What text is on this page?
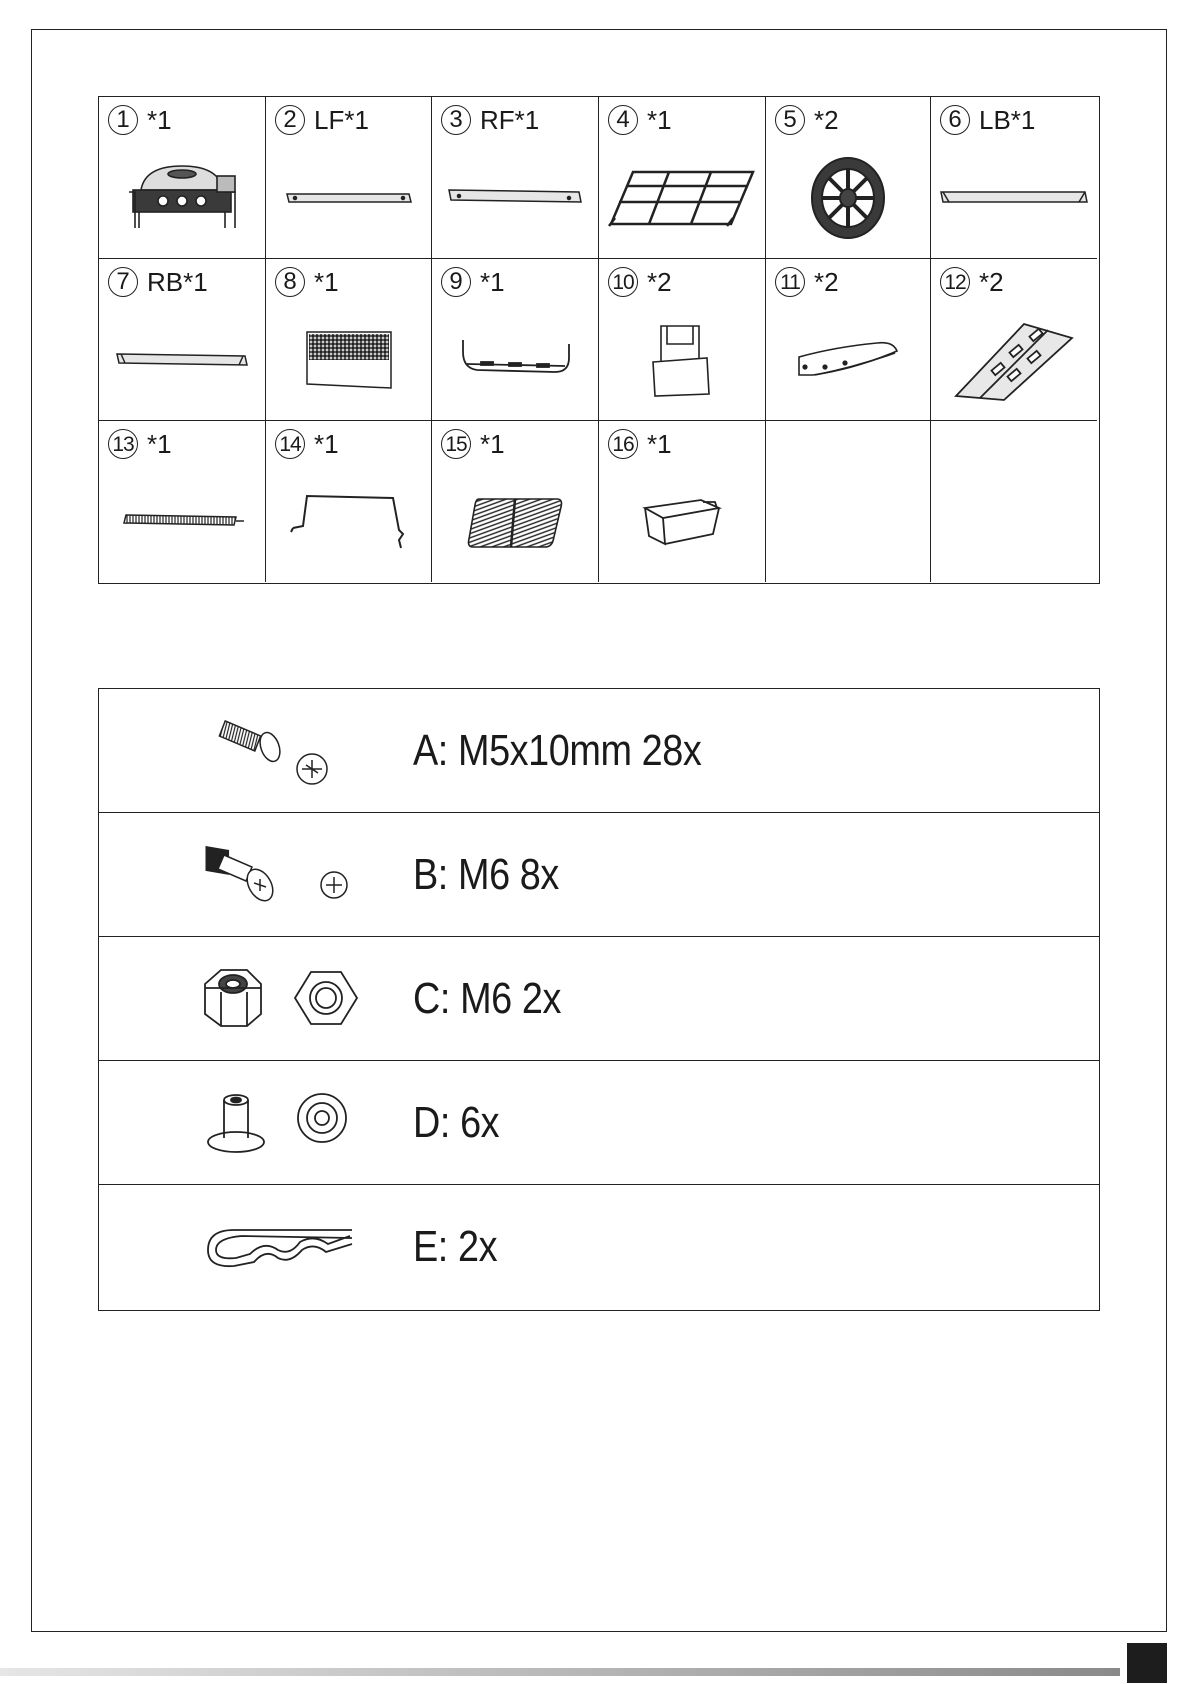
1 *1	2 LF*1	3 RF*1	4 *1	5 *2	6 LB*1
7 RB*1	8 *1	9 *1	10 *2	11 *2	12 *2
13 *1	14 *1	15 *1	16 *1
A: M5x10mm 28x
B: M6 8x
C: M6 2x
D: 6x
E: 2x
